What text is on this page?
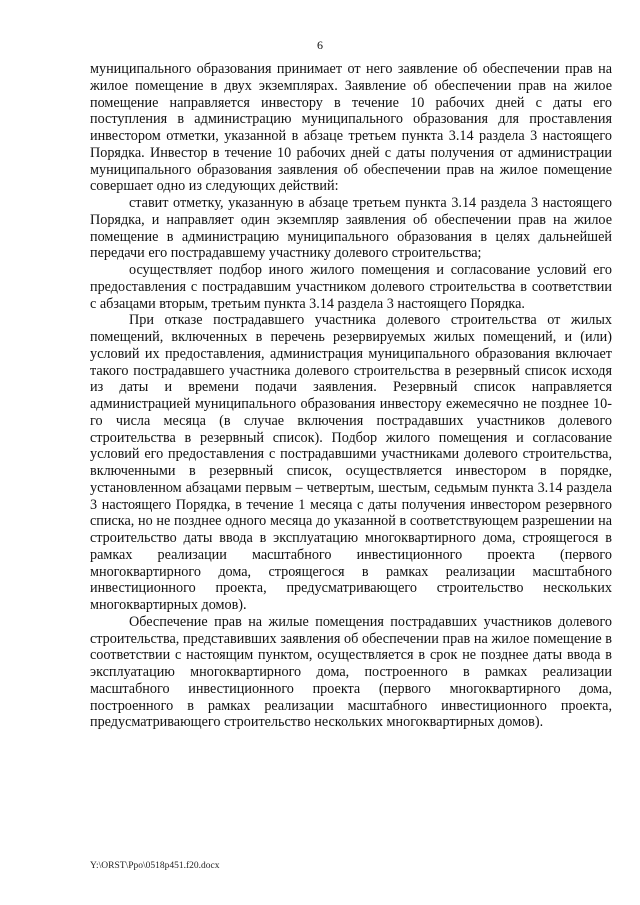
6

муниципального образования принимает от него заявление об обеспечении прав на жилое помещение в двух экземплярах. Заявление об обеспечении прав на жилое помещение направляется инвестору в течение 10 рабочих дней с даты его поступления в администрацию муниципального образования для проставления инвестором отметки, указанной в абзаце третьем пункта 3.14 раздела 3 настоящего Порядка. Инвестор в течение 10 рабочих дней с даты получения от администрации муниципального образования заявления об обеспечении прав на жилое помещение совершает одно из следующих действий:

ставит отметку, указанную в абзаце третьем пункта 3.14 раздела 3 настоящего Порядка, и направляет один экземпляр заявления об обеспечении прав на жилое помещение в администрацию муниципального образования в целях дальнейшей передачи его пострадавшему участнику долевого строительства;

осуществляет подбор иного жилого помещения и согласование условий его предоставления с пострадавшим участником долевого строительства в соответствии с абзацами вторым, третьим пункта 3.14 раздела 3 настоящего Порядка.

При отказе пострадавшего участника долевого строительства от жилых помещений, включенных в перечень резервируемых жилых помещений, и (или) условий их предоставления, администрация муниципального образования включает такого пострадавшего участника долевого строительства в резервный список исходя из даты и времени подачи заявления. Резервный список направляется администрацией муниципального образования инвестору ежемесячно не позднее 10-го числа месяца (в случае включения пострадавших участников долевого строительства в резервный список). Подбор жилого помещения и согласование условий его предоставления с пострадавшими участниками долевого строительства, включенными в резервный список, осуществляется инвестором в порядке, установленном абзацами первым – четвертым, шестым, седьмым пункта 3.14 раздела 3 настоящего Порядка, в течение 1 месяца с даты получения инвестором резервного списка, но не позднее одного месяца до указанной в соответствующем разрешении на строительство даты ввода в эксплуатацию многоквартирного дома, строящегося в рамках реализации масштабного инвестиционного проекта (первого многоквартирного дома, строящегося в рамках реализации масштабного инвестиционного проекта, предусматривающего строительство нескольких многоквартирных домов).

Обеспечение прав на жилые помещения пострадавших участников долевого строительства, представивших заявления об обеспечении прав на жилое помещение в соответствии с настоящим пунктом, осуществляется в срок не позднее даты ввода в эксплуатацию многоквартирного дома, построенного в рамках реализации масштабного инвестиционного проекта (первого многоквартирного дома, построенного в рамках реализации масштабного инвестиционного проекта, предусматривающего строительство нескольких многоквартирных домов).

Y:\ORST\Ppo\0518p451.f20.docx
